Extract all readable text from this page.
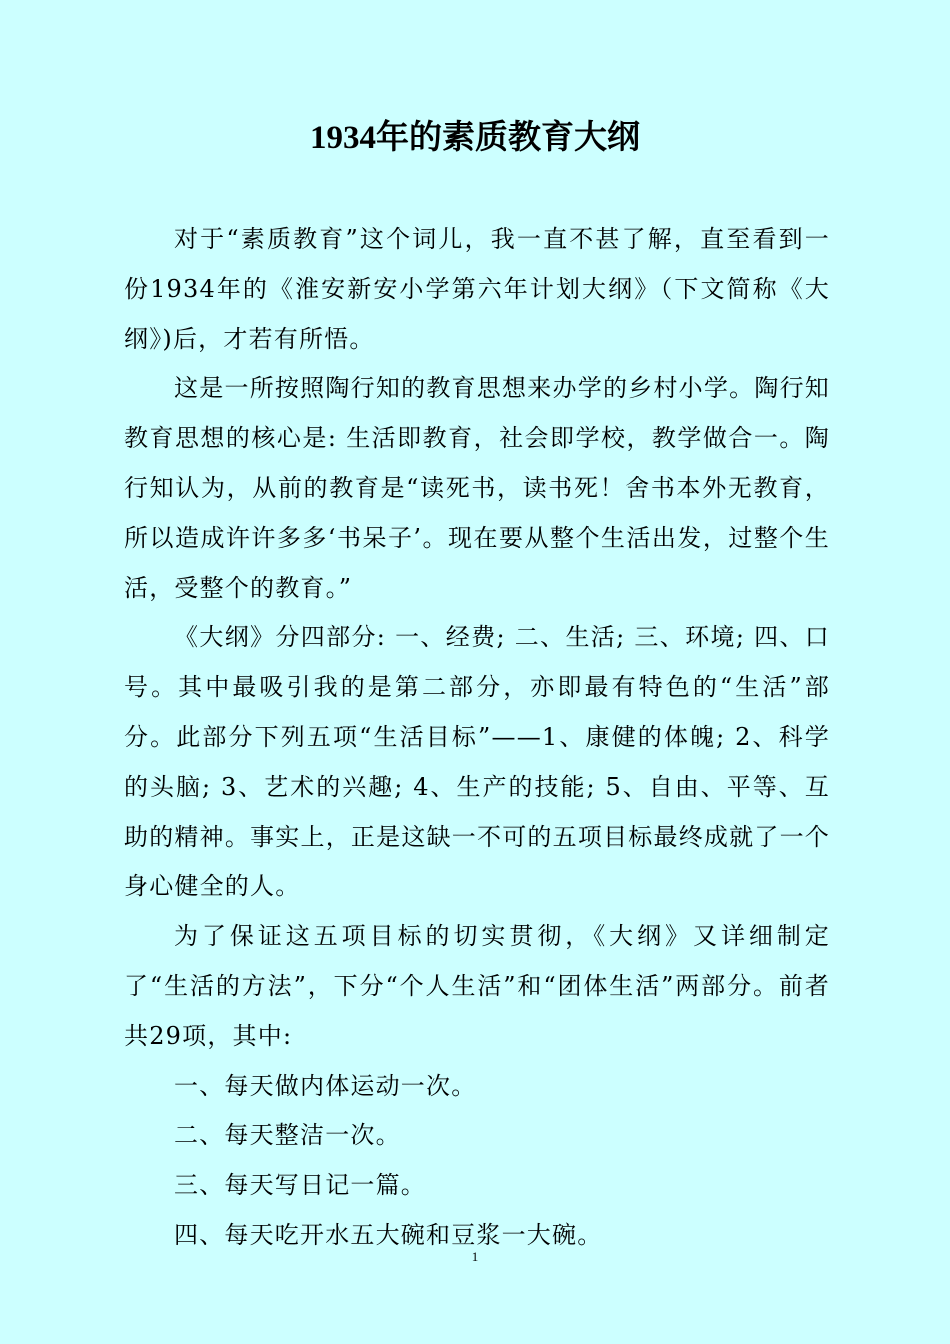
1934年的素质教育大纲

对于“素质教育”这个词儿，我一直不甚了解，直至看到一份1934年的《淮安新安小学第六年计划大纲》（下文简称《大纲》)后，才若有所悟。

这是一所按照陶行知的教育思想来办学的乡村小学。陶行知教育思想的核心是: 生活即教育，社会即学校，教学做合一。陶行知认为，从前的教育是“读死书，读书死！舍书本外无教育，所以造成许许多多‘书呆子’。现在要从整个生活出发，过整个生活，受整个的教育。”

《大纲》分四部分: 一、经费; 二、生活; 三、环境; 四、口号。其中最吸引我的是第二部分，亦即最有特色的“生活”部分。此部分下列五项“生活目标”——1、康健的体魄; 2、科学的头脑; 3、艺术的兴趣; 4、生产的技能; 5、自由、平等、互助的精神。事实上，正是这缺一不可的五项目标最终成就了一个身心健全的人。

为了保证这五项目标的切实贯彻，《大纲》又详细制定了“生活的方法”，下分“个人生活”和“团体生活”两部分。前者共29项，其中:

一、每天做内体运动一次。

二、每天整洁一次。

三、每天写日记一篇。

四、每天吃开水五大碗和豆浆一大碗。

1
